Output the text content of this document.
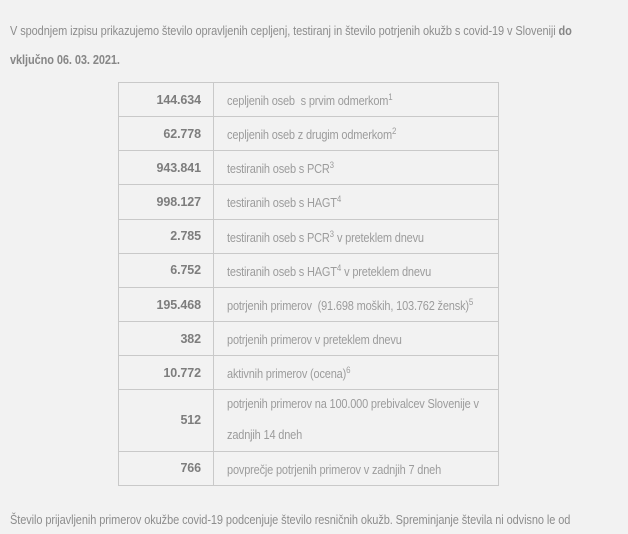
V spodnjem izpisu prikazujemo število opravljenih cepljenj, testiranj in število potrjenih okužb s covid-19 v Sloveniji do vključno 06. 03. 2021.

144.634	cepljenih oseb  s prvim odmerkom$^1$
62.778	cepljenih oseb z drugim odmerkom$^2$
943.841	testiranih oseb s PCR$^3$
998.127	testiranih oseb s HAGT$^4$
2.785	testiranih oseb s PCR$^3$ v preteklem dnevu
6.752	testiranih oseb s HAGT$^4$ v preteklem dnevu
195.468	potrjenih primerov  (91.698 moških, 103.762 žensk)$^5$
382	potrjenih primerov v preteklem dnevu
10.772	aktivnih primerov (ocena)$^6$
512	potrjenih primerov na 100.000 prebivalcev Slovenije v zadnjih 14 dneh
766	povprečje potrjenih primerov v zadnjih 7 dneh

Število prijavljenih primerov okužbe covid-19 podcenjuje število resničnih okužb. Spreminjanje števila ni odvisno le od
